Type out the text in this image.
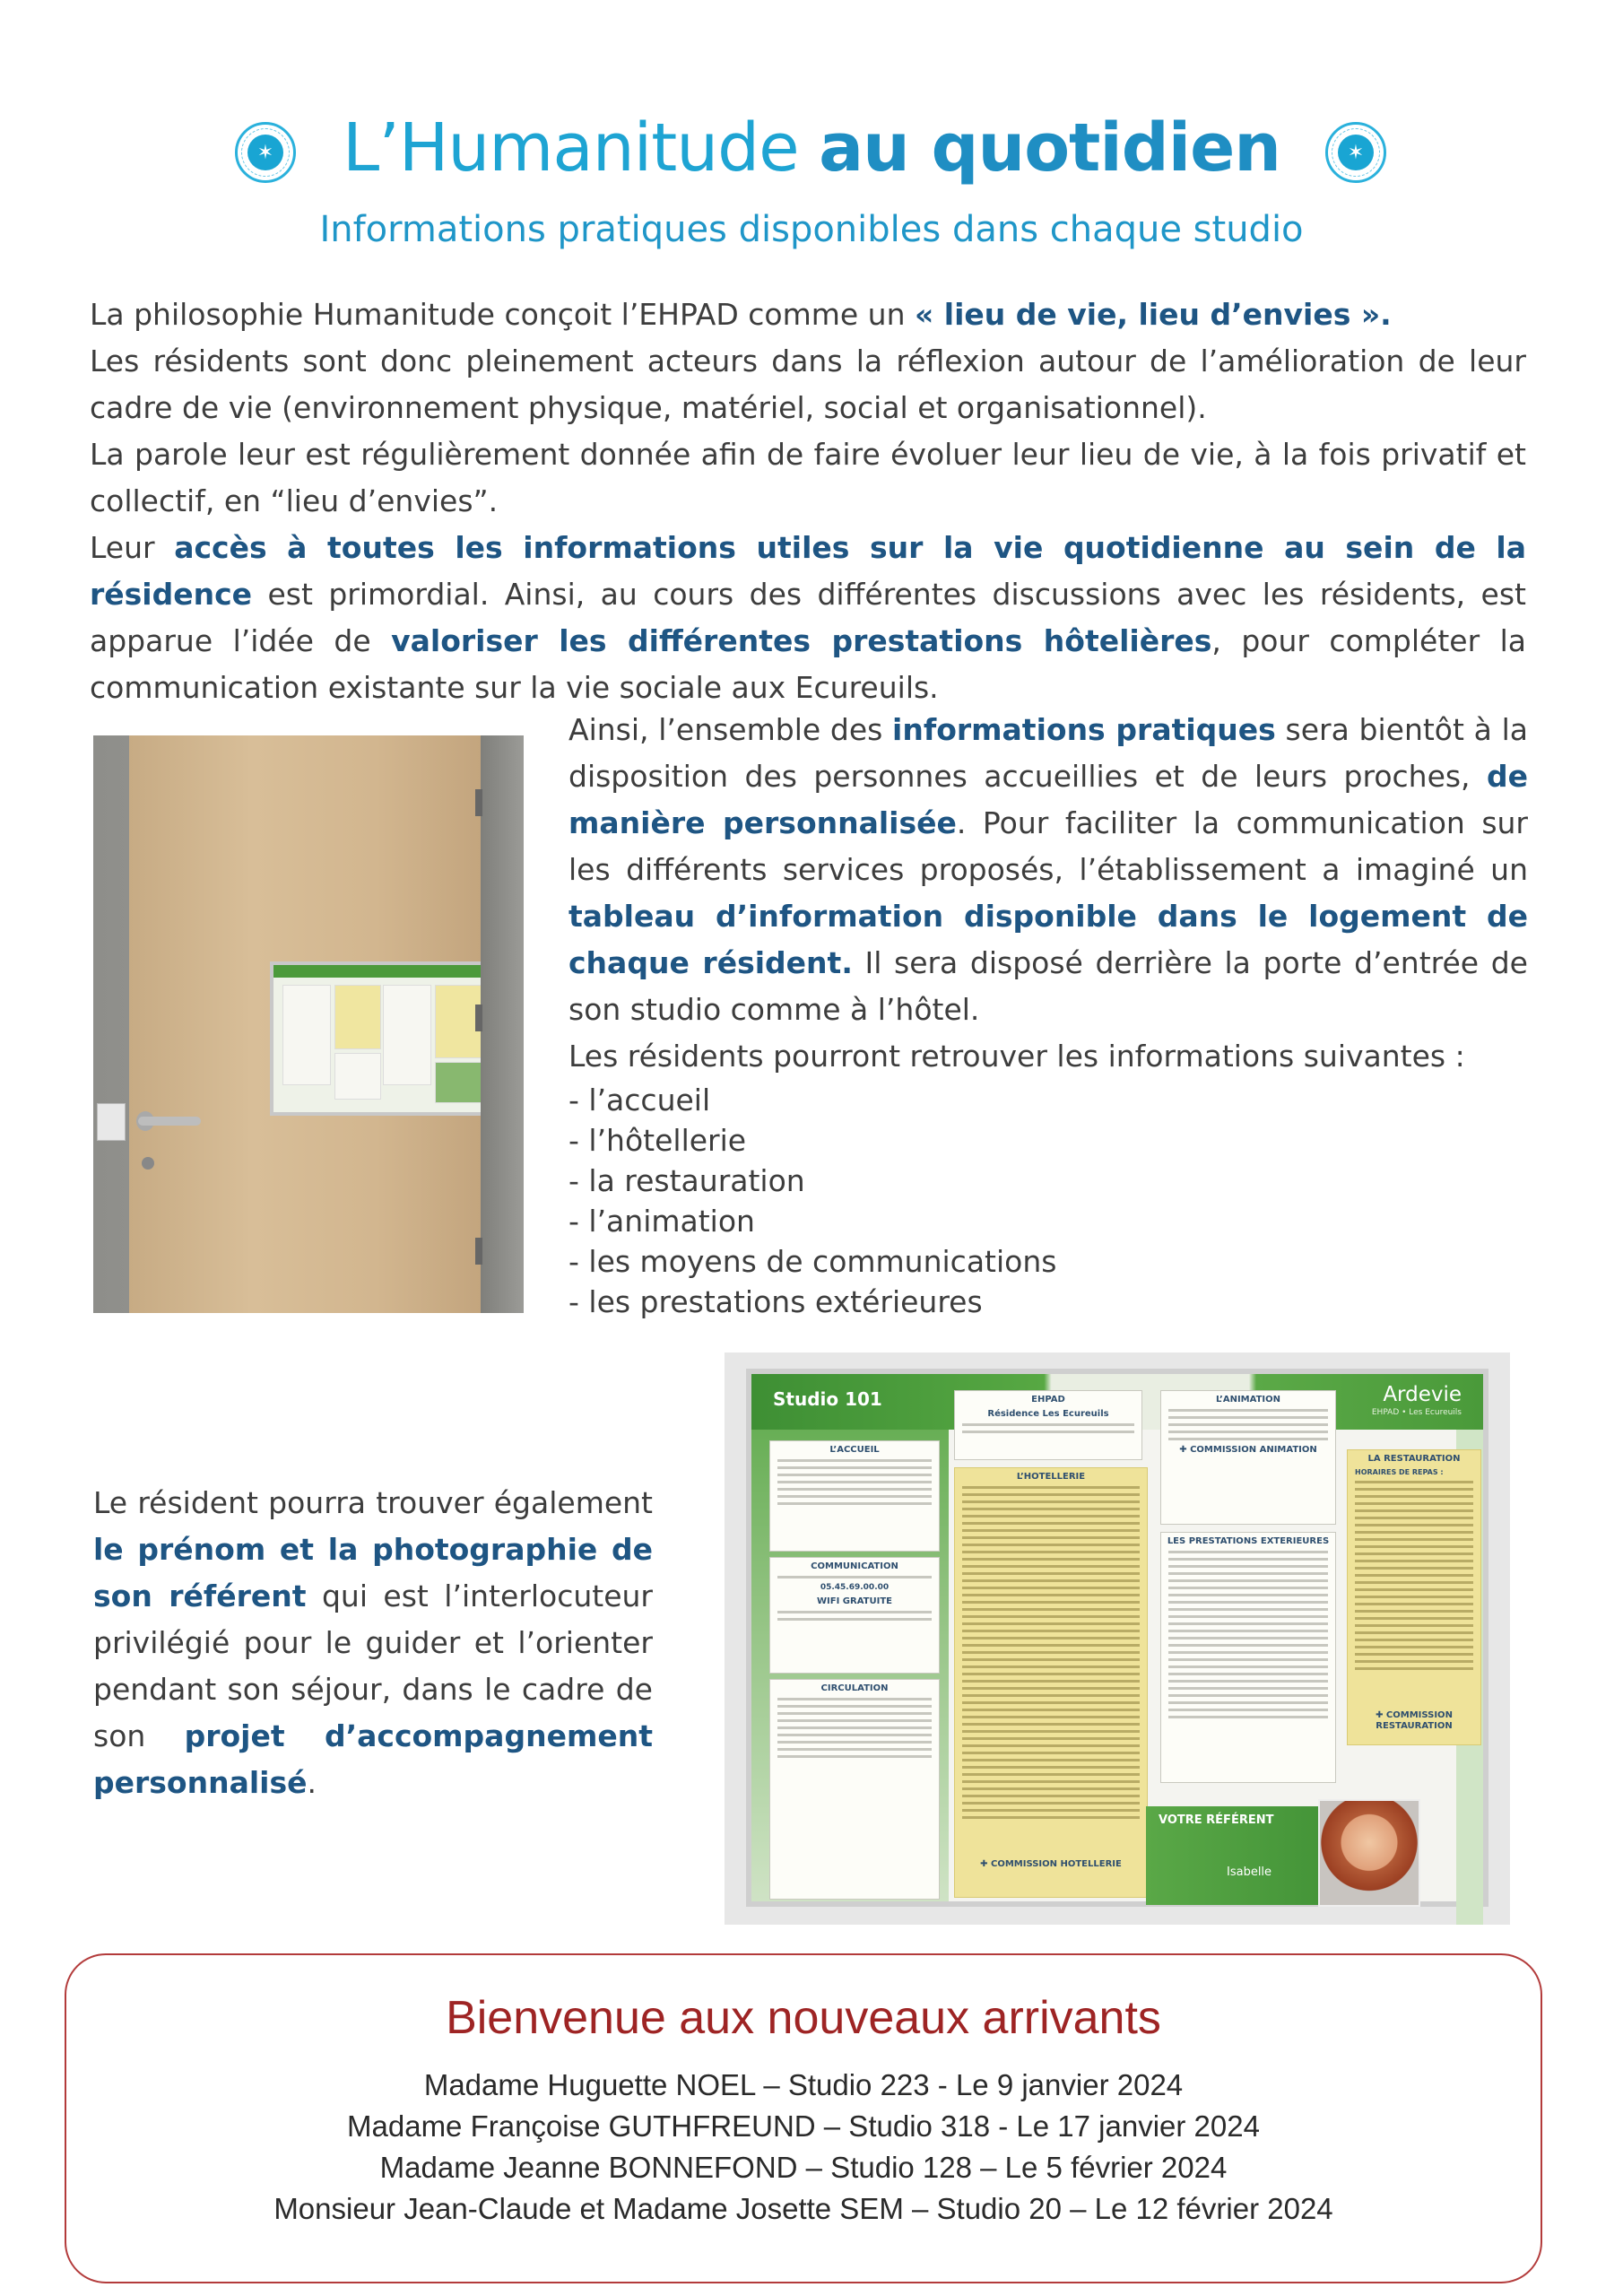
✶	✶
L’Humanitude au quotidien
Informations pratiques disponibles dans chaque studio
La philosophie Humanitude conçoit l’EHPAD comme un « lieu de vie, lieu d’envies ».
Les résidents sont donc pleinement acteurs dans la réflexion autour de l’amélioration de leur cadre de vie (environnement physique, matériel, social et organisationnel).
La parole leur est régulièrement donnée afin de faire évoluer leur lieu de vie, à la fois privatif et collectif, en “lieu d’envies”.
Leur accès à toutes les informations utiles sur la vie quotidienne au sein de la résidence est primordial. Ainsi, au cours des différentes discussions avec les résidents, est apparue l’idée de valoriser les différentes prestations hôtelières, pour compléter la communication existante sur la vie sociale aux Ecureuils.
Ainsi, l’ensemble des informations pratiques sera bientôt à la disposition des personnes accueillies et de leurs proches, de manière personnalisée. Pour faciliter la communication sur les différents services proposés, l’établissement a imaginé un tableau d’information disponible dans le logement de chaque résident. Il sera disposé derrière la porte d’entrée de son studio comme à l’hôtel.
Les résidents pourront retrouver les informations suivantes :
- l’accueil
- l’hôtellerie
- la restauration
- l’animation
- les moyens de communications
- les prestations extérieures
Le résident pourra trouver également le prénom et la photographie de son référent qui est l’interlocuteur privilégié pour le guider et l’orienter pendant son séjour, dans le cadre de son projet d’accompagnement personnalisé.
Studio 101	Ardevie
EHPAD • Les Ecureuils
L’ACCUEIL
COMMUNICATION
05.45.69.00.00
WIFI GRATUITE
CIRCULATION
EHPAD
Résidence Les Ecureuils
L’HOTELLERIE
✚ COMMISSION HOTELLERIE
L’ANIMATION
✚ COMMISSION ANIMATION
LES PRESTATIONS EXTERIEURES
LA RESTAURATION
HORAIRES DE REPAS :
✚ COMMISSION RESTAURATION
VOTRE RÉFÉRENT
Isabelle
Bienvenue aux nouveaux arrivants
Madame Huguette NOEL – Studio 223 - Le 9 janvier 2024
Madame Françoise GUTHFREUND – Studio 318 - Le 17 janvier 2024
Madame Jeanne BONNEFOND – Studio 128 – Le 5 février 2024
Monsieur Jean-Claude et Madame Josette SEM – Studio 20 – Le 12 février 2024
